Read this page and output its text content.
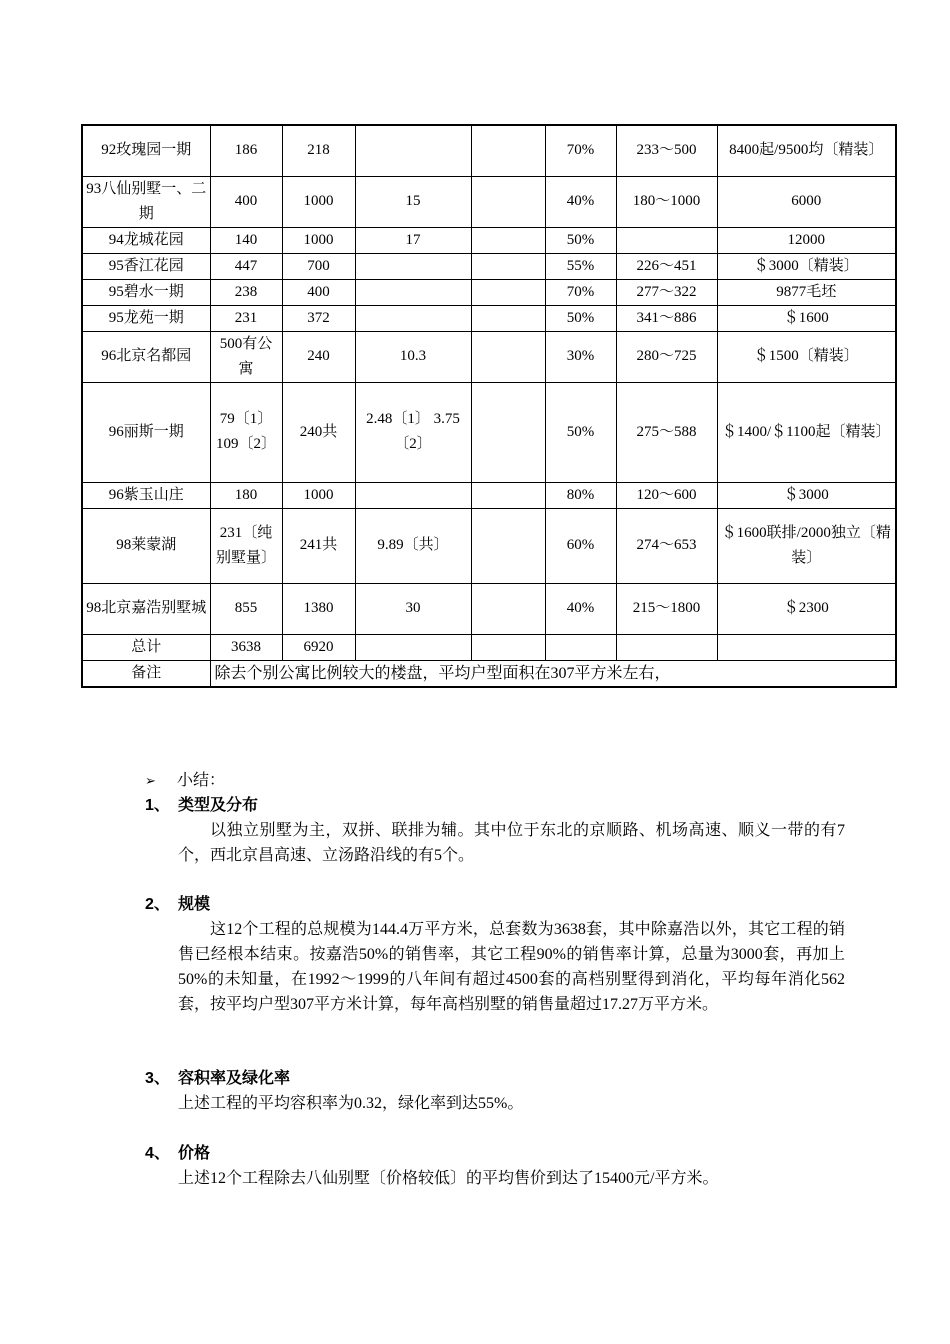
92玫瑰园一期	186	218			70%	233～500	8400起/9500均〔精装〕
93八仙别墅一、二期	400	1000	15		40%	180～1000	6000
94龙城花园	140	1000	17		50%		12000
95香江花园	447	700			55%	226～451	＄3000〔精装〕
95碧水一期	238	400			70%	277～322	9877毛坯
95龙苑一期	231	372			50%	341～886	＄1600
96北京名都园	500有公寓	240	10.3		30%	280～725	＄1500〔精装〕
96丽斯一期	79〔1〕 109〔2〕	240共	2.48〔1〕 3.75〔2〕		50%	275～588	＄1400/＄1100起〔精装〕
96紫玉山庄	180	1000			80%	120～600	＄3000
98莱蒙湖	231〔纯别墅量〕	241共	9.89〔共〕		60%	274～653	＄1600联排/2000独立〔精装〕
98北京嘉浩别墅城	855	1380	30		40%	215～1800	＄2300
总计	3638	6920					
备注	除去个别公寓比例较大的楼盘，平均户型面积在307平方米左右，						
➢ 小结：
1、 类型及分布
以独立别墅为主，双拼、联排为辅。其中位于东北的京顺路、机场高速、顺义一带的有7个，西北京昌高速、立汤路沿线的有5个。
2、 规模
这12个工程的总规模为144.4万平方米，总套数为3638套，其中除嘉浩以外，其它工程的销售已经根本结束。按嘉浩50%的销售率，其它工程90%的销售率计算，总量为3000套，再加上50%的未知量，在1992～1999的八年间有超过4500套的高档别墅得到消化，平均每年消化562套，按平均户型307平方米计算，每年高档别墅的销售量超过17.27万平方米。
3、 容积率及绿化率
上述工程的平均容积率为0.32，绿化率到达55%。
4、 价格
上述12个工程除去八仙别墅〔价格较低〕的平均售价到达了15400元/平方米。
